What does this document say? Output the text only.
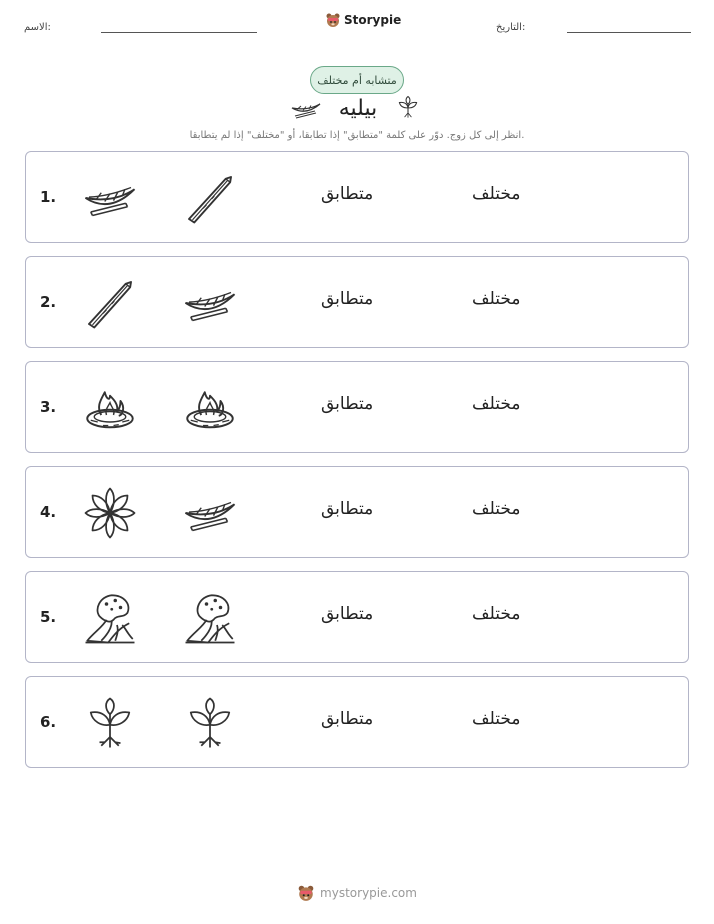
الاسم:
Storypie
التاريخ:
متشابه أم مختلف
بيليه
انظر إلى كل زوج. دوّر على كلمة "متطابق" إذا تطابقا، أو "مختلف" إذا لم يتطابقا.
mystorypie.com
1.	متطابق	مختلف
2.	متطابق	مختلف
3.	متطابق	مختلف
4.	متطابق	مختلف
5.	متطابق	مختلف
6.	متطابق	مختلف
